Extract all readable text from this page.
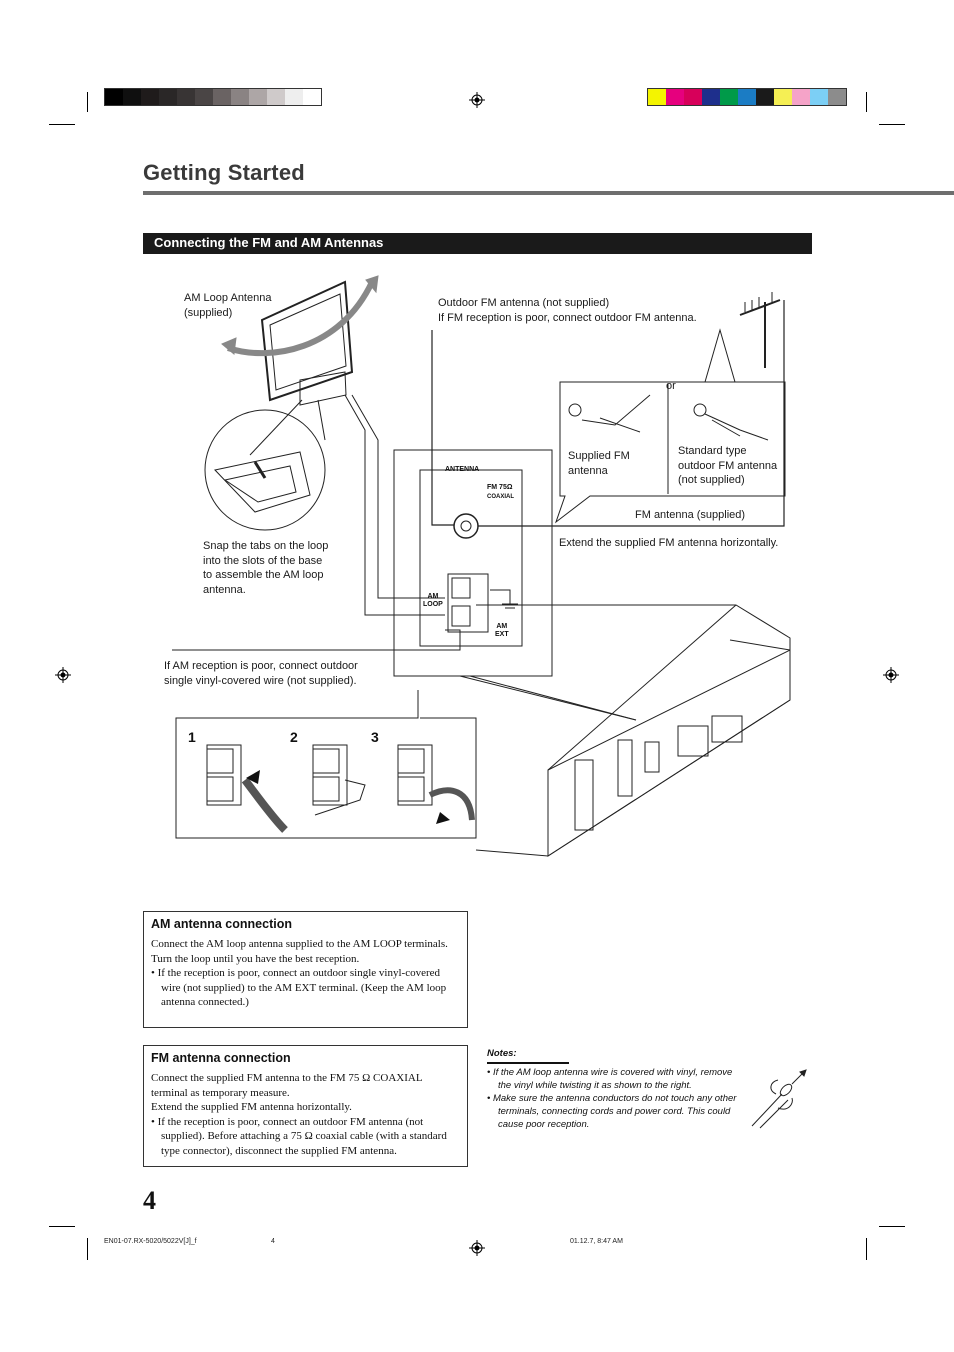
Getting Started
Connecting the FM and AM Antennas
AM Loop Antenna
(supplied)
Outdoor FM antenna (not supplied)
If FM reception is poor, connect outdoor FM antenna.
or
Supplied FM
antenna
Standard type
outdoor FM antenna
(not supplied)
FM antenna (supplied)
Extend the supplied FM antenna horizontally.
Snap the tabs on the loop
into the slots of the base
to assemble the AM loop
antenna.
If AM reception is poor, connect outdoor
single vinyl-covered wire (not supplied).
ANTENNA
FM 75Ω
COAXIAL
AM
LOOP
AM
EXT
1	2	3
AM antenna connection

Connect the AM loop antenna supplied to the AM LOOP terminals.

Turn the loop until you have the best reception.

• If the reception is poor, connect an outdoor single vinyl-covered wire (not supplied) to the AM EXT terminal. (Keep the AM loop antenna connected.)

FM antenna connection

Connect the supplied FM antenna to the FM 75 Ω COAXIAL terminal as temporary measure.

Extend the supplied FM antenna horizontally.

• If the reception is poor, connect an outdoor FM antenna (not supplied). Before attaching a 75 Ω coaxial cable (with a standard type connector), disconnect the supplied FM antenna.

Notes:

• If the AM loop antenna wire is covered with vinyl, remove the vinyl while twisting it as shown to the right.

• Make sure the antenna conductors do not touch any other terminals, connecting cords and power cord. This could cause poor reception.

4
EN01-07.RX-5020/5022V[J]_f	4	01.12.7, 8:47 AM
